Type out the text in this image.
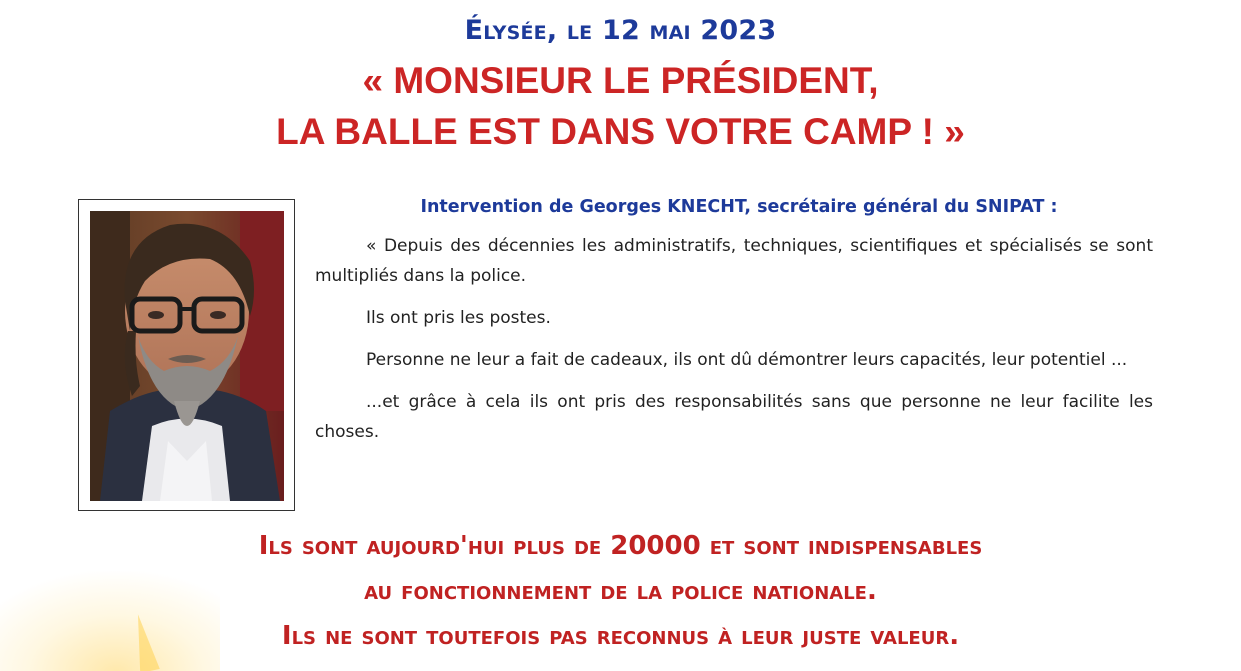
Élysée, le 12 mai 2023
« MONSIEUR LE PRÉSIDENT,
LA BALLE EST DANS VOTRE CAMP ! »
Intervention de Georges KNECHT, secrétaire général du SNIPAT :

« Depuis des décennies les administratifs, techniques, scientifiques et spécialisés se sont multipliés dans la police.

Ils ont pris les postes.

Personne ne leur a fait de cadeaux, ils ont dû démontrer leurs capacités, leur potentiel ...

...et grâce à cela ils ont pris des responsabilités sans que personne ne leur facilite les choses.

Ils sont aujourd'hui plus de 20000 et sont indispensables
au fonctionnement de la police nationale.
Ils ne sont toutefois pas reconnus à leur juste valeur.
